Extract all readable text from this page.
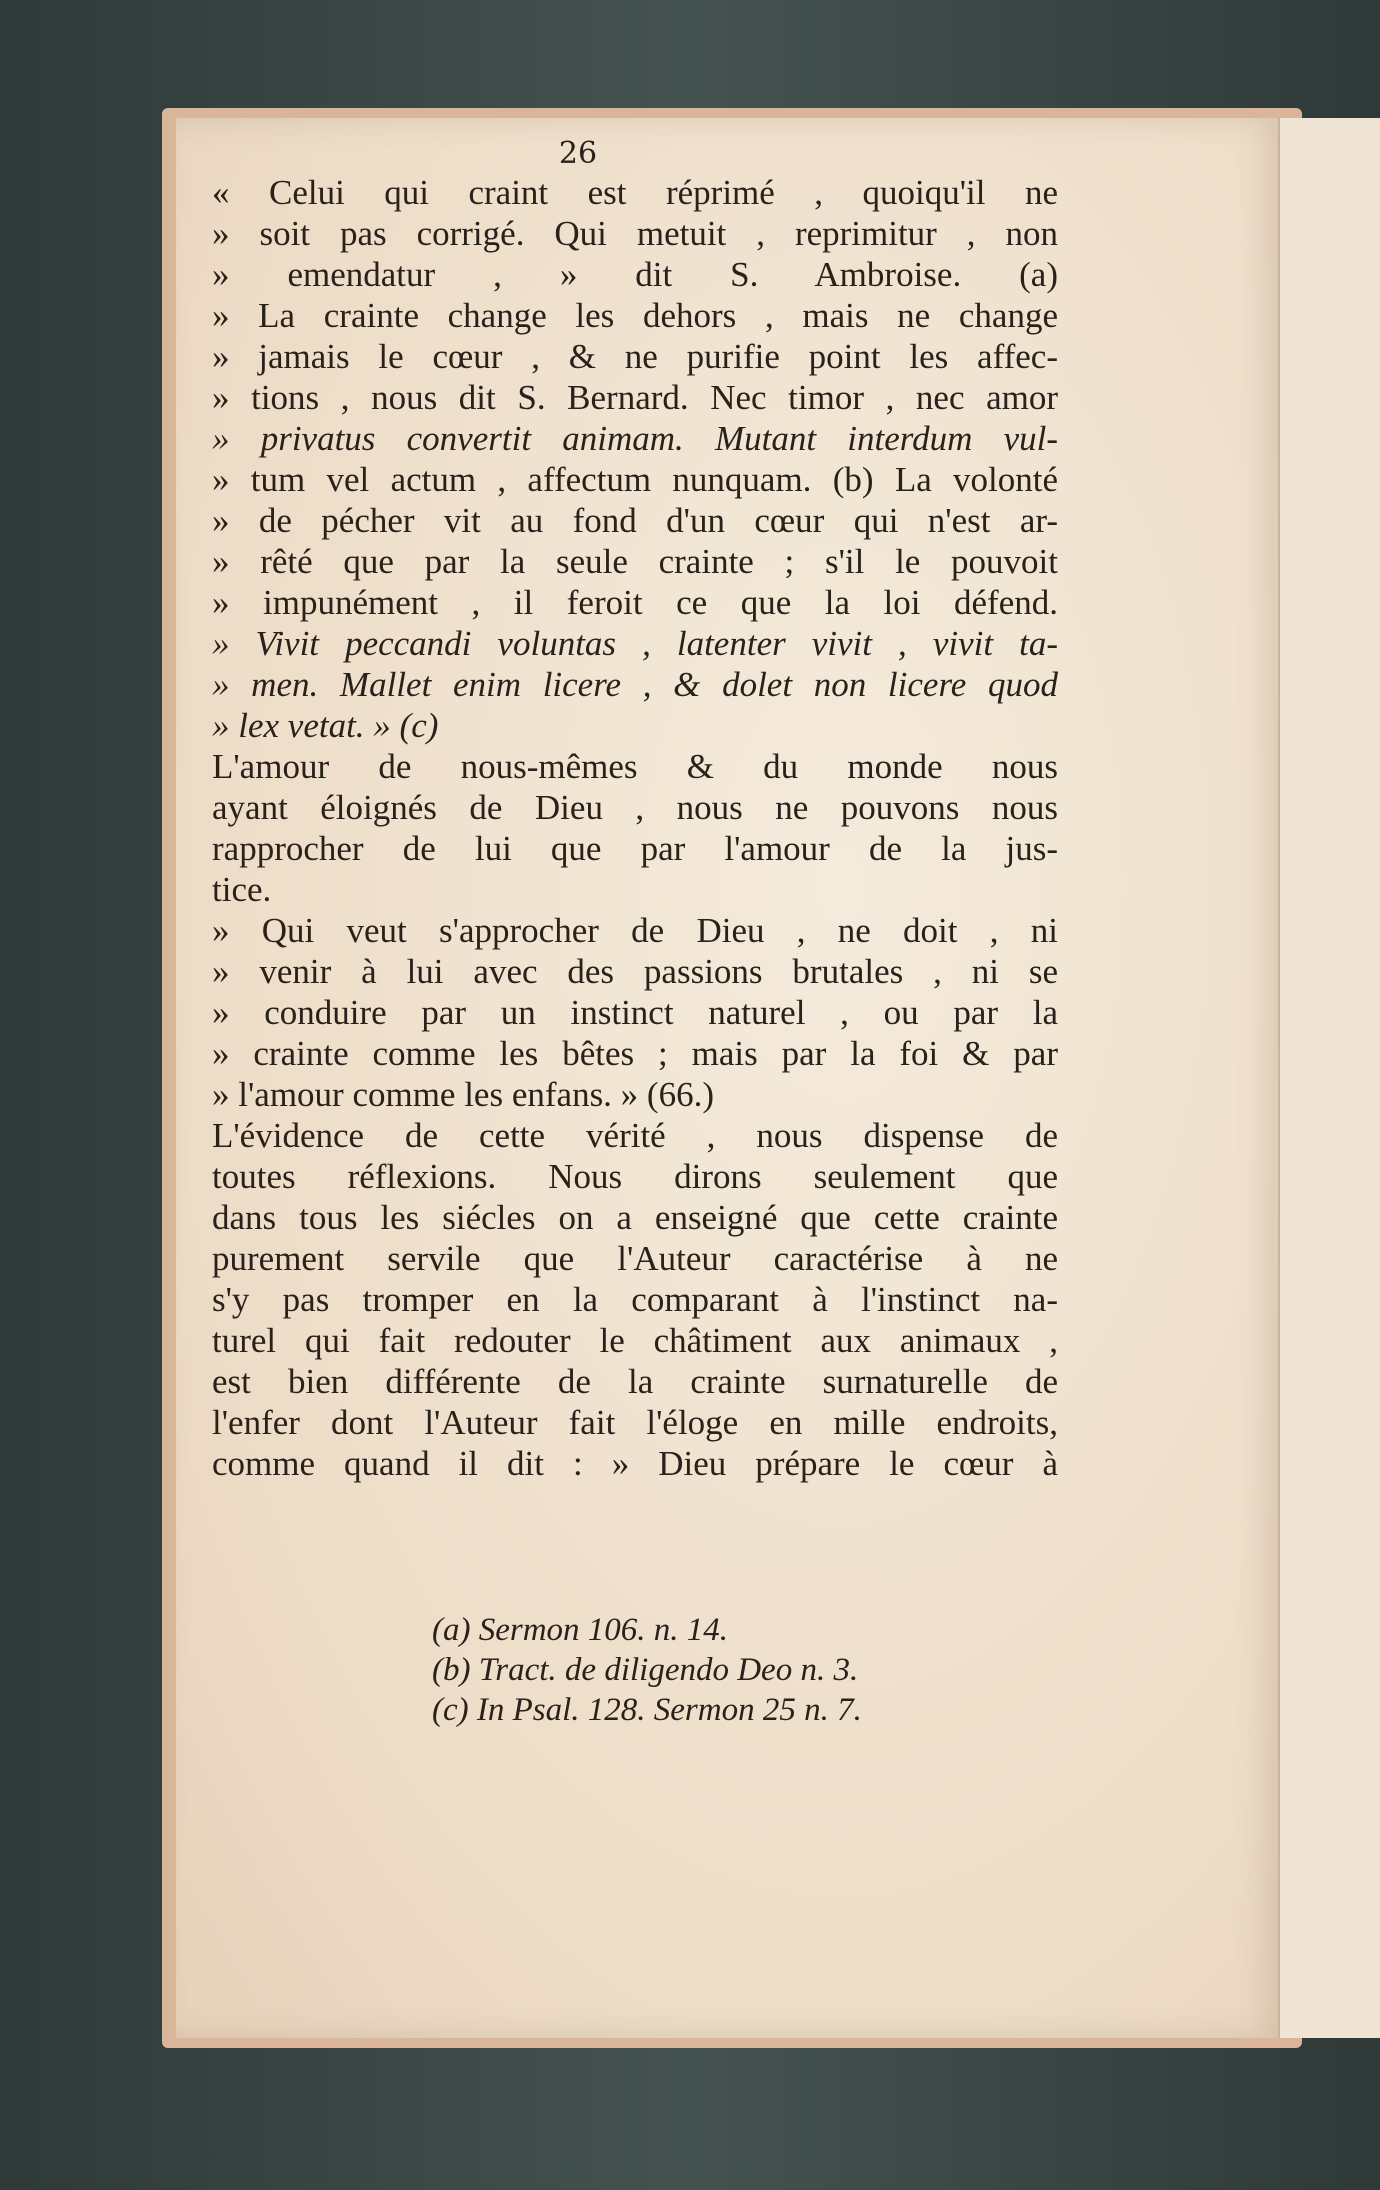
26
« Celui qui craint est réprimé , quoiqu'il ne
» soit pas corrigé. Qui metuit , reprimitur , non
» emendatur , » dit S. Ambroise. (a)
» La crainte change les dehors , mais ne change
» jamais le cœur , & ne purifie point les affec-
» tions , nous dit S. Bernard. Nec timor , nec amor
» privatus convertit animam. Mutant interdum vul-
» tum vel actum , affectum nunquam. (b) La volonté
» de pécher vit au fond d'un cœur qui n'est ar-
» rêté que par la seule crainte ; s'il le pouvoit
» impunément , il feroit ce que la loi défend.
» Vivit peccandi voluntas , latenter vivit , vivit ta-
» men. Mallet enim licere , & dolet non licere quod
» lex vetat. » (c)
L'amour de nous-mêmes & du monde nous
ayant éloignés de Dieu , nous ne pouvons nous
rapprocher de lui que par l'amour de la jus-
tice.
» Qui veut s'approcher de Dieu , ne doit , ni
» venir à lui avec des passions brutales , ni se
» conduire par un instinct naturel , ou par la
» crainte comme les bêtes ; mais par la foi & par
» l'amour comme les enfans. » (66.)
L'évidence de cette vérité , nous dispense de
toutes réflexions. Nous dirons seulement que
dans tous les siécles on a enseigné que cette crainte
purement servile que l'Auteur caractérise à ne
s'y pas tromper en la comparant à l'instinct na-
turel qui fait redouter le châtiment aux animaux ,
est bien différente de la crainte surnaturelle de
l'enfer dont l'Auteur fait l'éloge en mille endroits,
comme quand il dit : » Dieu prépare le cœur à
(a) Sermon 106. n. 14.
(b) Tract. de diligendo Deo n. 3.
(c) In Psal. 128. Sermon 25 n. 7.
